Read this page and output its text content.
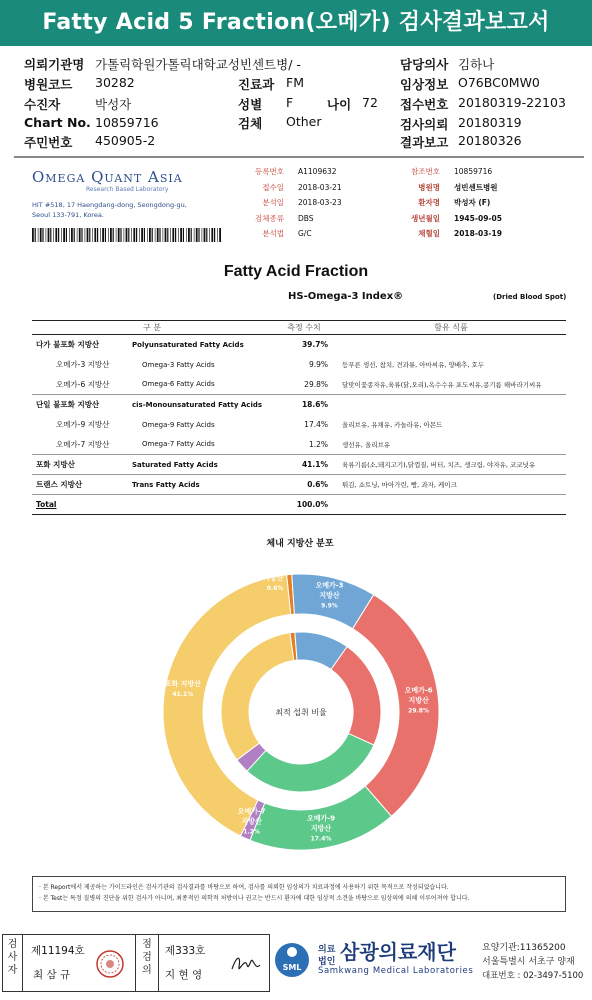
Fatty Acid 5 Fraction(오메가) 검사결과보고서
의뢰기관명 가톨릭학원가톨릭대학교성빈센트병/ -
병원코드 30282
수진자	박성자
Chart No. 10859716
주민번호 450905-2
진료과 FM
성별 F	나이 72
검체 Other
담당의사 김하나
임상정보 O76BC0MW0
접수번호 20180319-22103
검사의뢰 20180319
결과보고 20180326
Omega Quant Asia
Research Based Laboratory
HIT #518, 17 Haengdang-dong, Seongdong-gu,
Seoul 133-791, Korea.
등록번호 A1109632
접수일 2018-03-21
분석일 2018-03-23
검체종류 DBS
분석법 G/C
참조번호 10859716
병원명 성빈센트병원
환자명 박성자 (F)
생년월일 1945-09-05
채혈일 2018-03-19
Fatty Acid Fraction
HS-Omega-3 Index®	(Dried Blood Spot)
구 분		측정 수치	함유 식품
다가 불포화 지방산	Polyunsaturated Fatty Acids	39.7%	
오메가-3 지방산	Omega-3 Fatty Acids	9.9%	등푸른 생선, 참치, 견과류, 아마씨유, 양배추, 호두
오메가-6 지방산	Omega-6 Fatty Acids	29.8%	달맞이꽃종자유,육류(닭,오리),옥수수유 포도씨유,콩기름 해바라기씨유
단일 불포화 지방산	cis-Monounsaturated Fatty Acids	18.6%	
오메가-9 지방산	Omega-9 Fatty Acids	17.4%	올리브유, 유채유, 카놀라유, 아몬드
오메가-7 지방산	Omega-7 Fatty Acids	1.2%	생선유, 올리브유
포화 지방산	Saturated Fatty Acids	41.1%	육류기름(소,돼지고기),닭껍질, 버터, 치즈, 생크림, 야자유, 코코넛유
트랜스 지방산	Trans Fatty Acids	0.6%	튀김, 쇼트닝, 마아가린, 빵, 과자, 케이크
Total		100.0%	
체내 지방산 분포
최적 섭취 비율
트랜스 지방산
0.6%	오메가-3
지방산
9.9%
오메가-6
지방산
29.8%
오메가-9
지방산
17.4%
오메가-7
지방산
1.2%
포화 지방산
41.1%
· 본 Report에서 제공하는 가이드라인은 검사기관의 검사결과를 바탕으로 하여, 검사를 의뢰한 임상의가 치료과정에 사용하기 위한 목적으로 작성되었습니다.
· 본 Test는 특정 질병의 진단을 위한 검사가 아니며, 최종적인 의학적 처방이나 권고는 반드시 환자에 대한 임상적 소견을 바탕으로 임상의에 의해 이루어져야 합니다.
검사자
제11194호
최 삼 규
점검의
제333호
지 현 영
SML
의료
법인 삼광의료재단
Samkwang Medical Laboratories
요양기관:11365200
서울특별시 서초구 양재
대표번호 : 02-3497-5100
